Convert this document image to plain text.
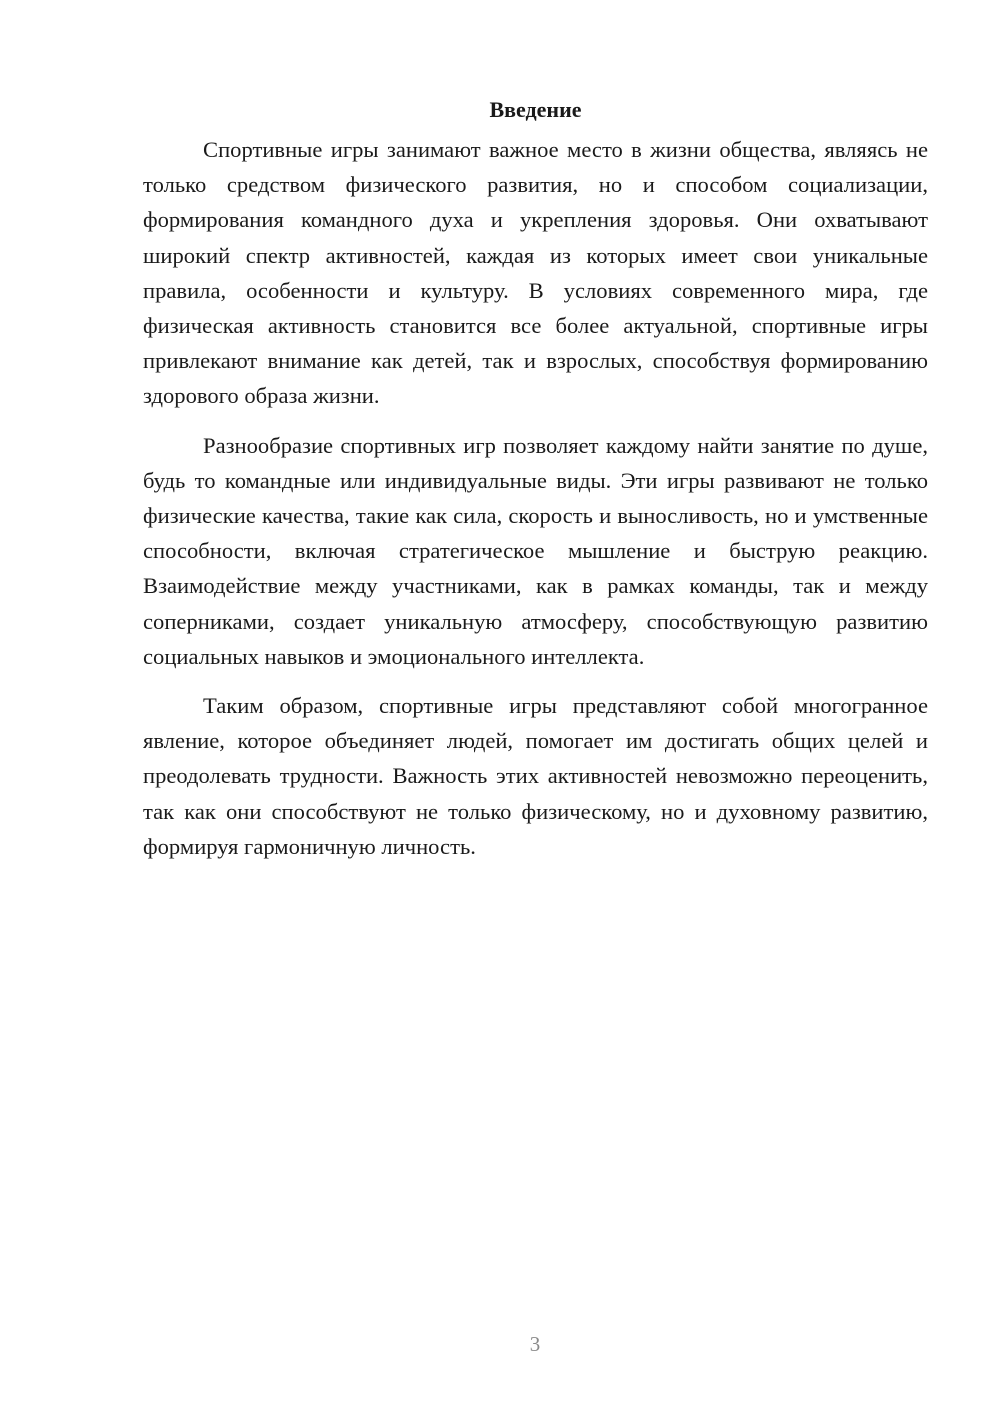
Введение

Спортивные игры занимают важное место в жизни общества, являясь не только средством физического развития, но и способом социализации, формирования командного духа и укрепления здоровья. Они охватывают широкий спектр активностей, каждая из которых имеет свои уникальные правила, особенности и культуру. В условиях современного мира, где физическая активность становится все более актуальной, спортивные игры привлекают внимание как детей, так и взрослых, способствуя формированию здорового образа жизни.

Разнообразие спортивных игр позволяет каждому найти занятие по душе, будь то командные или индивидуальные виды. Эти игры развивают не только физические качества, такие как сила, скорость и выносливость, но и умственные способности, включая стратегическое мышление и быструю реакцию. Взаимодействие между участниками, как в рамках команды, так и между соперниками, создает уникальную атмосферу, способствующую развитию социальных навыков и эмоционального интеллекта.

Таким образом, спортивные игры представляют собой многогранное явление, которое объединяет людей, помогает им достигать общих целей и преодолевать трудности. Важность этих активностей невозможно переоценить, так как они способствуют не только физическому, но и духовному развитию, формируя гармоничную личность.

3
